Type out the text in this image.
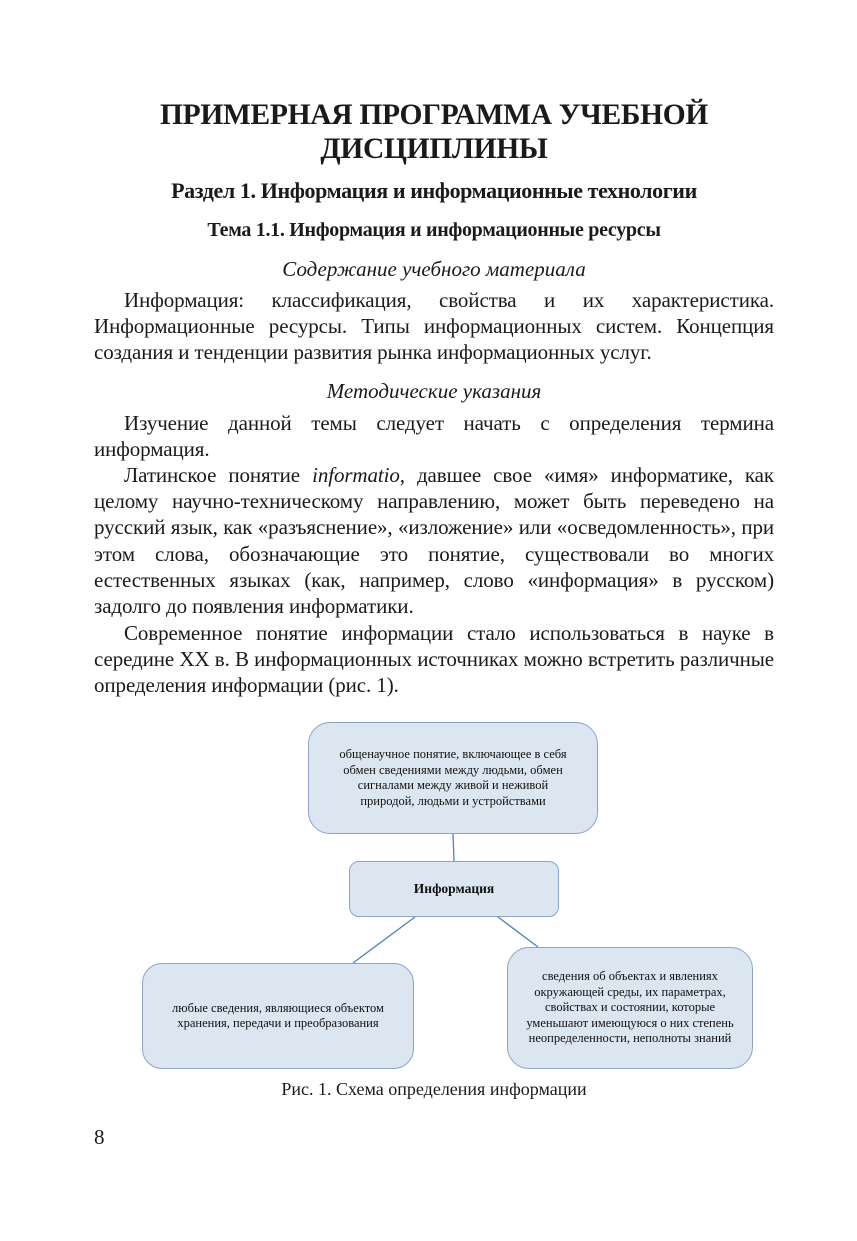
ПРИМЕРНАЯ ПРОГРАММА УЧЕБНОЙ ДИСЦИПЛИНЫ
Раздел 1. Информация и информационные технологии
Тема 1.1. Информация и информационные ресурсы
Содержание учебного материала

Информация: классификация, свойства и их характеристика. Информационные ресурсы. Типы информационных систем. Концепция создания и тенденции развития рынка информационных услуг.

Методические указания

Изучение данной темы следует начать с определения термина информация.

Латинское понятие informatio, давшее свое «имя» информатике, как целому научно-техническому направлению, может быть переведено на русский язык, как «разъяснение», «изложение» или «осведомленность», при этом слова, обозначающие это понятие, существовали во многих естественных языках (как, например, слово «информация» в русском) задолго до появления информатики.

Современное понятие информации стало использоваться в науке в середине XX в. В информационных источниках можно встретить различные определения информации (рис. 1).

общенаучное понятие, включающее в себя обмен сведениями между людьми, обмен сигналами между живой и неживой природой, людьми и устройствами
Информация
любые сведения, являющиеся объектом хранения, передачи и преобразования
сведения об объектах и явлениях окружающей среды, их параметрах, свойствах и состоянии, которые уменьшают имеющуюся о них степень неопределенности, неполноты знаний
Рис. 1. Схема определения информации
8
